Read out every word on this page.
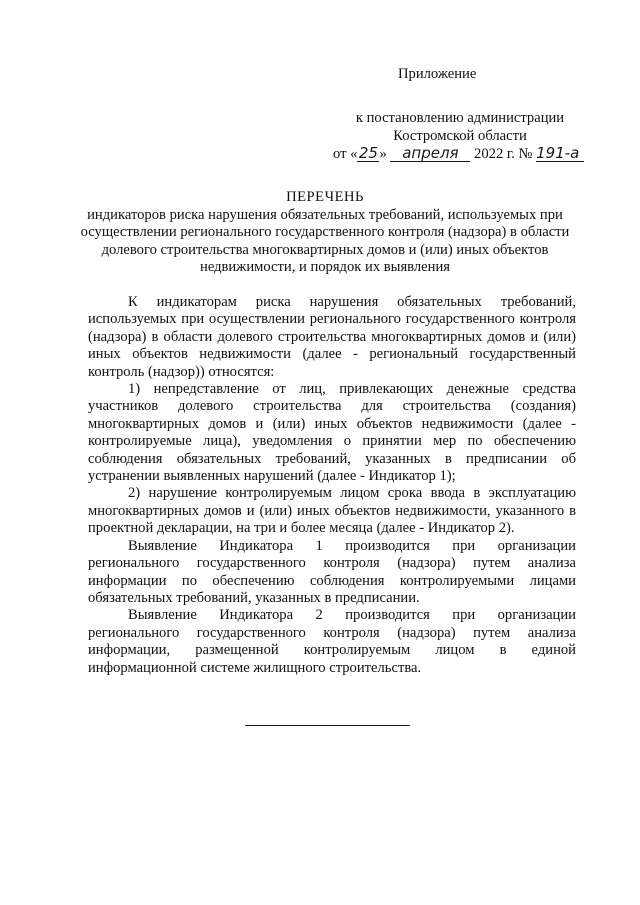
Приложение
к постановлению администрации
Костромской области
от «25» апреля 2022 г. № 191-а
ПЕРЕЧЕНЬ
индикаторов риска нарушения обязательных требований, используемых при осуществлении регионального государственного контроля (надзора) в области долевого строительства многоквартирных домов и (или) иных объектов недвижимости, и порядок их выявления

К индикаторам риска нарушения обязательных требований, используемых при осуществлении регионального государственного контроля (надзора) в области долевого строительства многоквартирных домов и (или) иных объектов недвижимости (далее - региональный государственный контроль (надзор)) относятся:

1) непредставление от лиц, привлекающих денежные средства участников долевого строительства для строительства (создания) многоквартирных домов и (или) иных объектов недвижимости (далее - контролируемые лица), уведомления о принятии мер по обеспечению соблюдения обязательных требований, указанных в предписании об устранении выявленных нарушений (далее - Индикатор 1);

2) нарушение контролируемым лицом срока ввода в эксплуатацию многоквартирных домов и (или) иных объектов недвижимости, указанного в проектной декларации, на три и более месяца (далее - Индикатор 2).

Выявление Индикатора 1 производится при организации регионального государственного контроля (надзора) путем анализа информации по обеспечению соблюдения контролируемыми лицами обязательных требований, указанных в предписании.

Выявление Индикатора 2 производится при организации регионального государственного контроля (надзора) путем анализа информации, размещенной контролируемым лицом в единой информационной системе жилищного строительства.
